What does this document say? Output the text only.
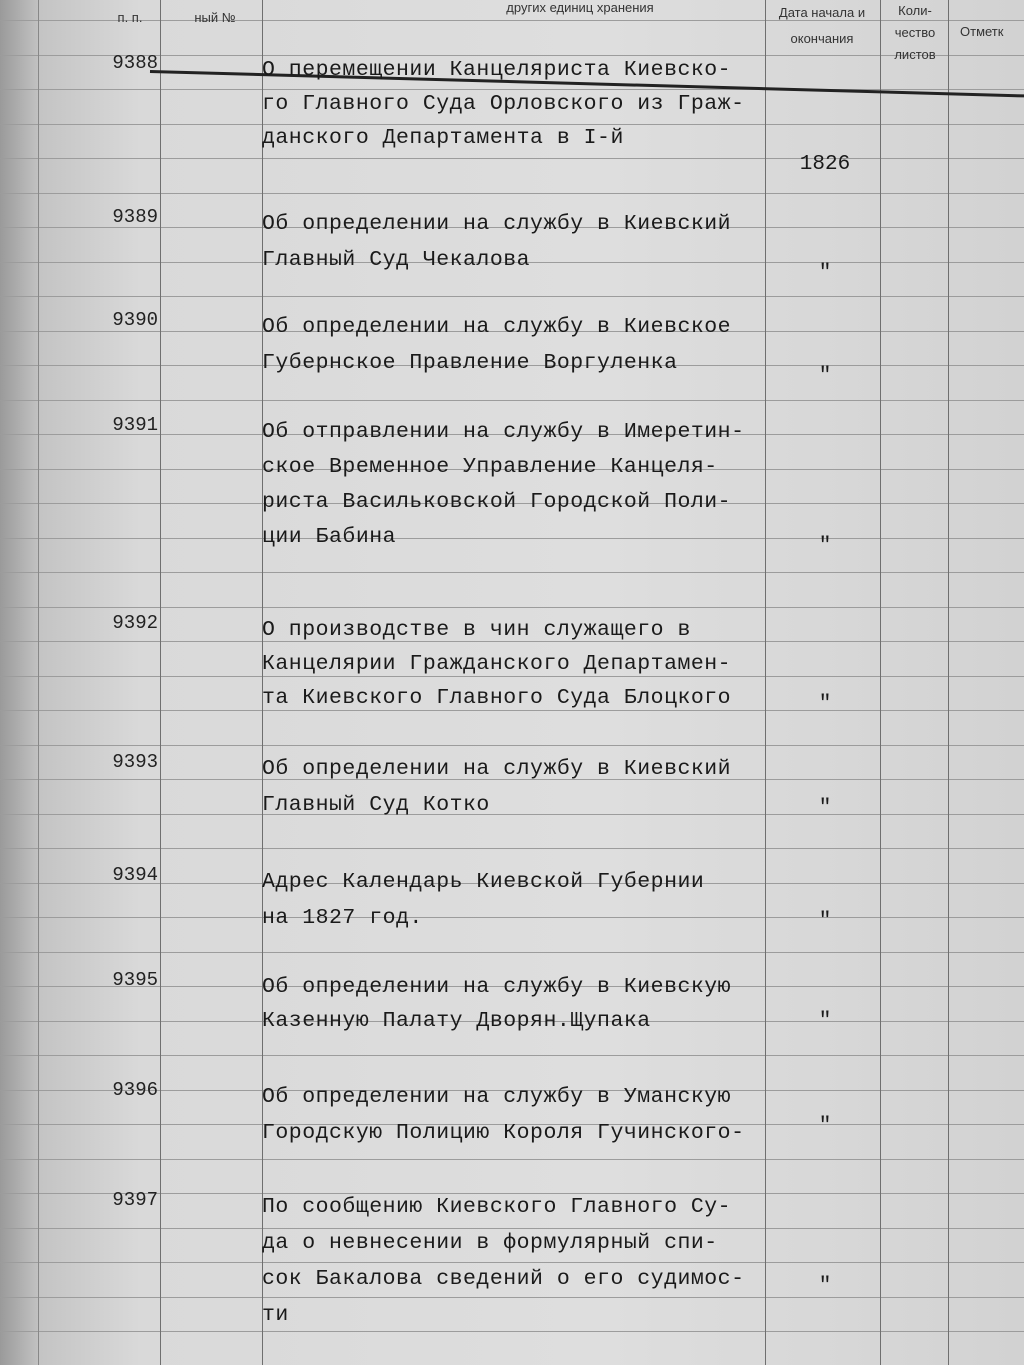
п. п.	ный №
других единиц хранения	Дата начала и окончания
Коли- чество листов
Отметк
9388	О перемещении Канцеляриста Киевско-
го Главного Суда Орловского из Граж-
данского Департамента в I-й
1826
9389	Об определении на службу в Киевский
Главный Суд Чекалова
"
9390	Об определении на службу в Киевское
Губернское Правление Воргуленка
"
9391	Об отправлении на службу в Имеретин-
ское Временное Управление Канцеля-
риста Васильковской Городской Поли-
ции Бабина	"
9392	О производстве в чин служащего в
Канцелярии Гражданского Департамен-
та Киевского Главного Суда Блоцкого	"
9393	Об определении на службу в Киевский
Главный Суд Котко	"
9394	Адрес Календарь Киевской Губернии
на 1827 год.	"
9395	Об определении на службу в Киевскую
Казенную Палату Дворян.Щупака	"
9396	Об определении на службу в Уманскую
Городскую Полицию Короля Гучинского-	"
9397	По сообщению Киевского Главного Су-
да о невнесении в формулярный спи-
сок Бакалова сведений о его судимос-
ти
"
